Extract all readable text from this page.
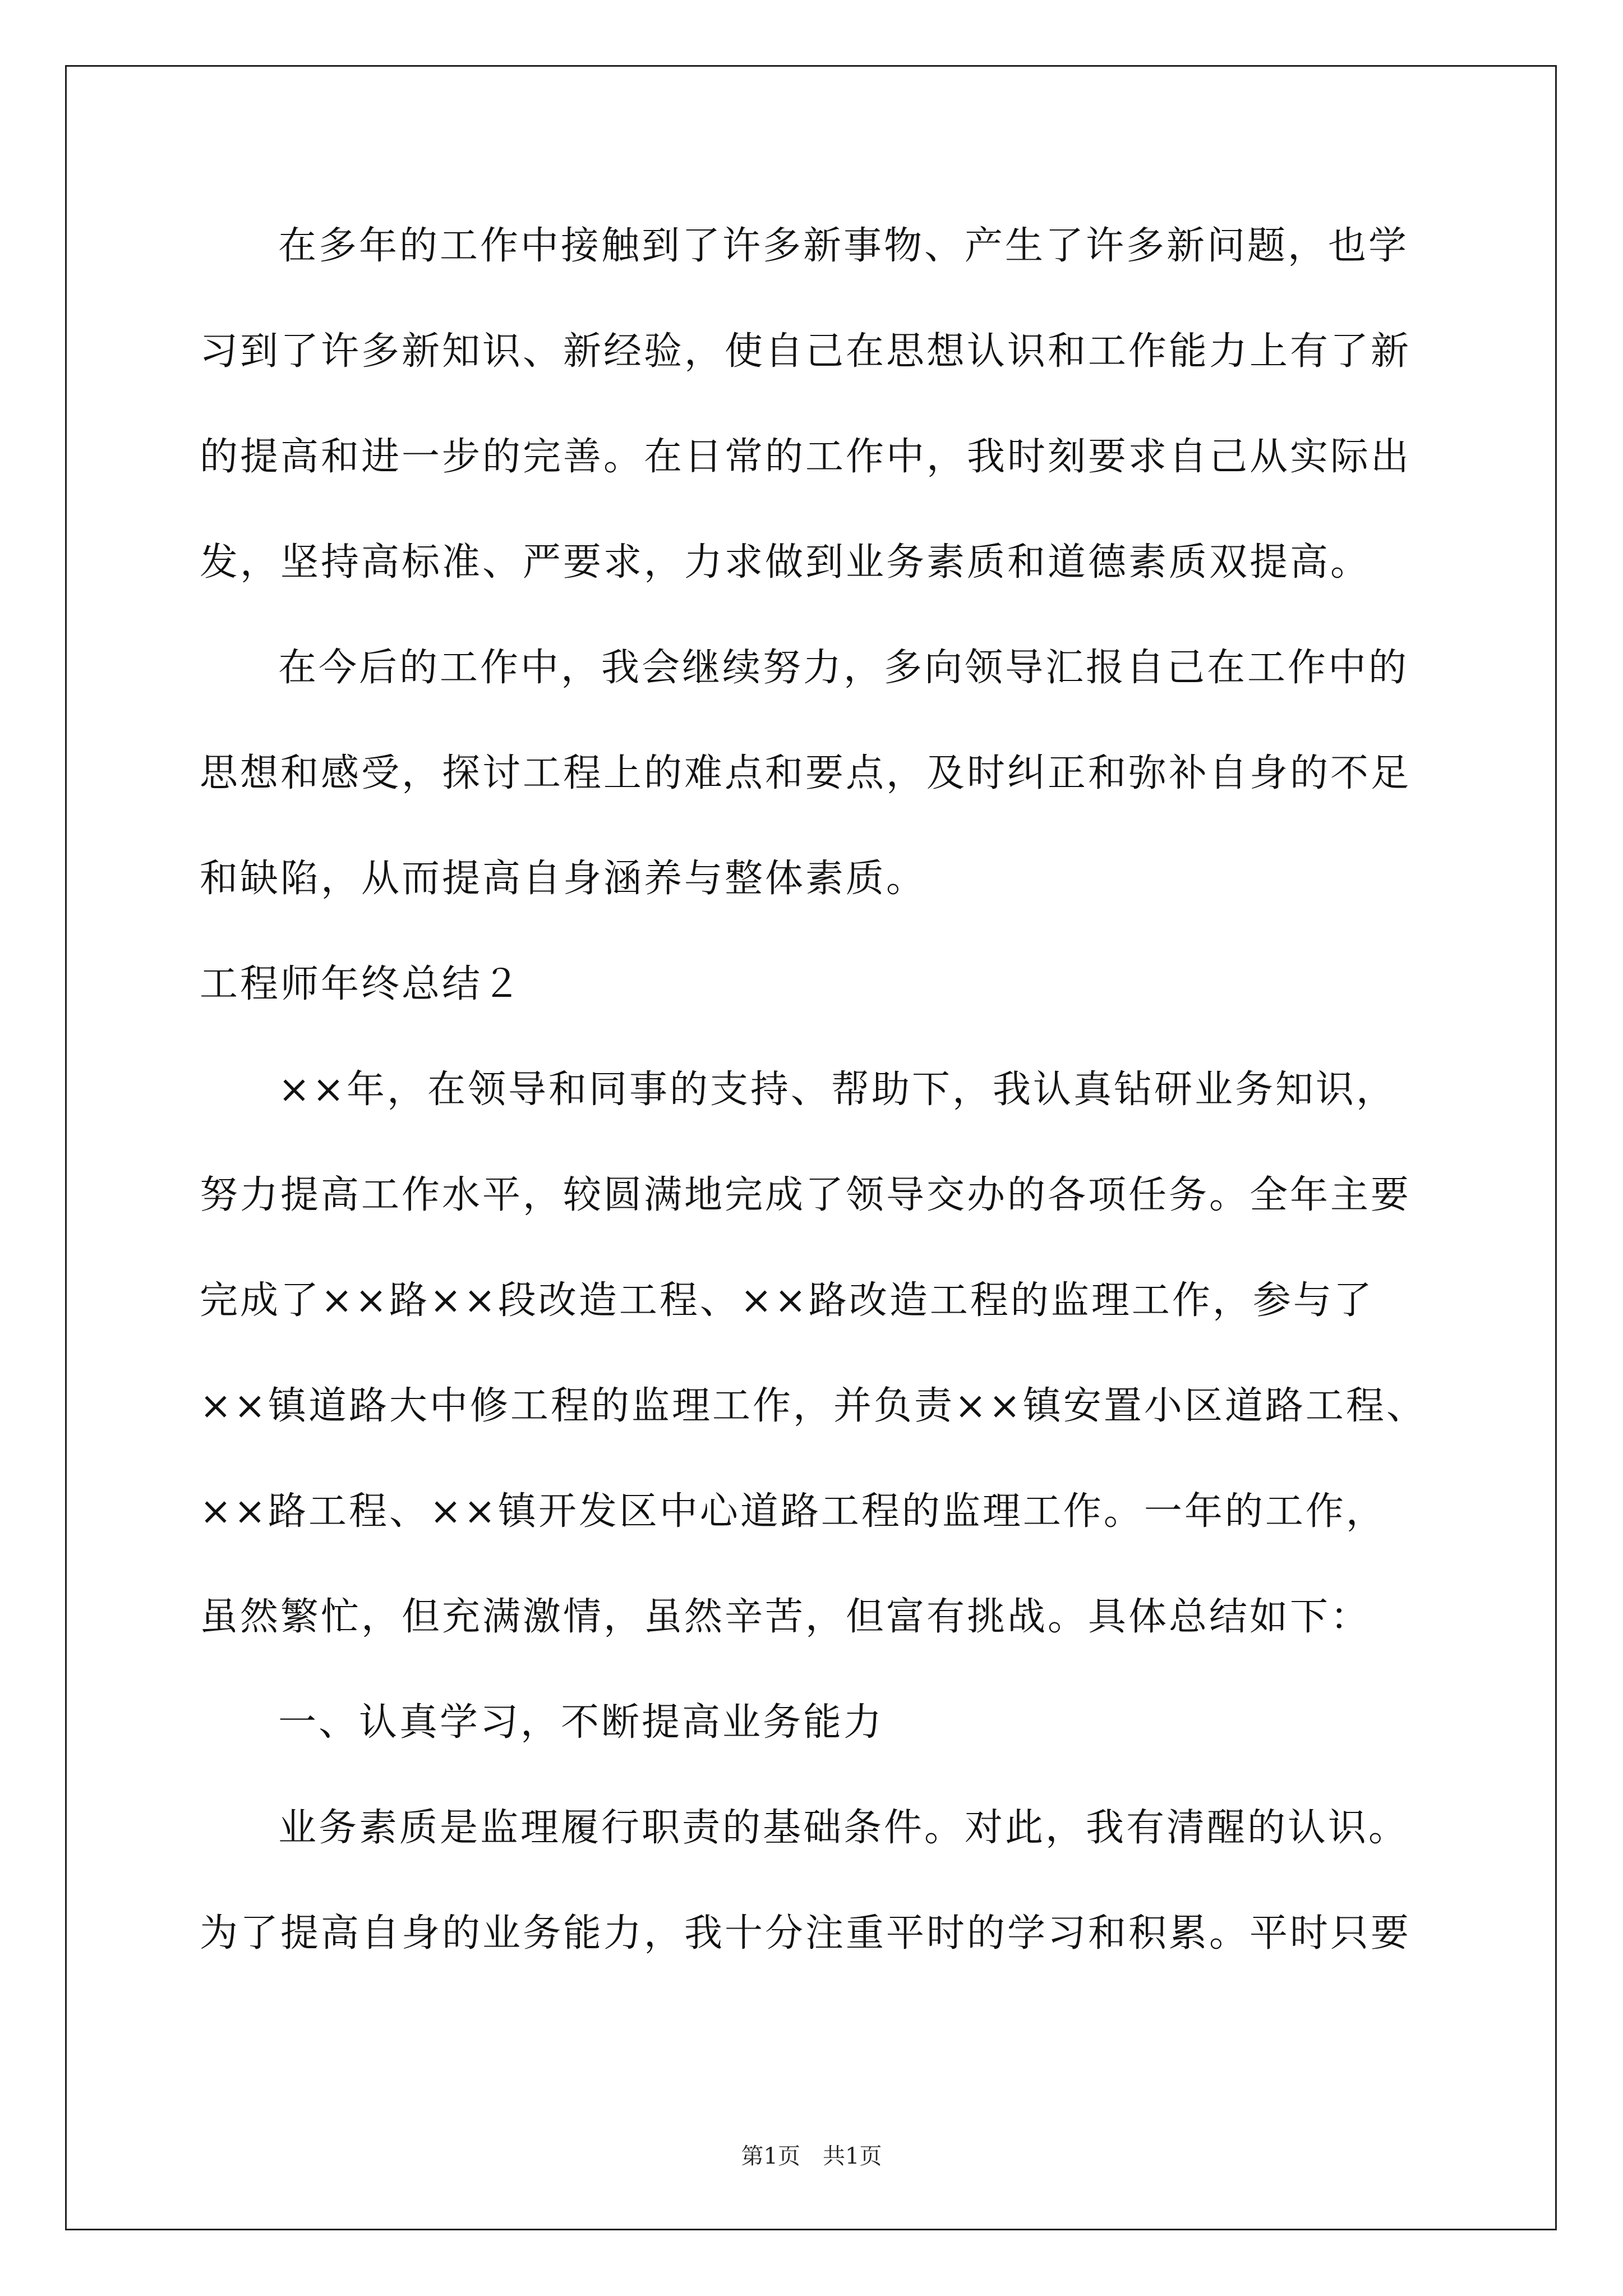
在多年的工作中接触到了许多新事物、产生了许多新问题，也学
习到了许多新知识、新经验，使自己在思想认识和工作能力上有了新
的提高和进一步的完善。在日常的工作中，我时刻要求自己从实际出
发，坚持高标准、严要求，力求做到业务素质和道德素质双提高。
在今后的工作中，我会继续努力，多向领导汇报自己在工作中的
思想和感受，探讨工程上的难点和要点，及时纠正和弥补自身的不足
和缺陷，从而提高自身涵养与整体素质。
工程师年终总结２
××年，在领导和同事的支持、帮助下，我认真钻研业务知识，
努力提高工作水平，较圆满地完成了领导交办的各项任务。全年主要
完成了××路××段改造工程、××路改造工程的监理工作，参与了
××镇道路大中修工程的监理工作，并负责××镇安置小区道路工程、
××路工程、××镇开发区中心道路工程的监理工作。一年的工作，
虽然繁忙，但充满激情，虽然辛苦，但富有挑战。具体总结如下：
一、认真学习，不断提高业务能力
业务素质是监理履行职责的基础条件。对此，我有清醒的认识。
为了提高自身的业务能力，我十分注重平时的学习和积累。平时只要
第1页　共1页
